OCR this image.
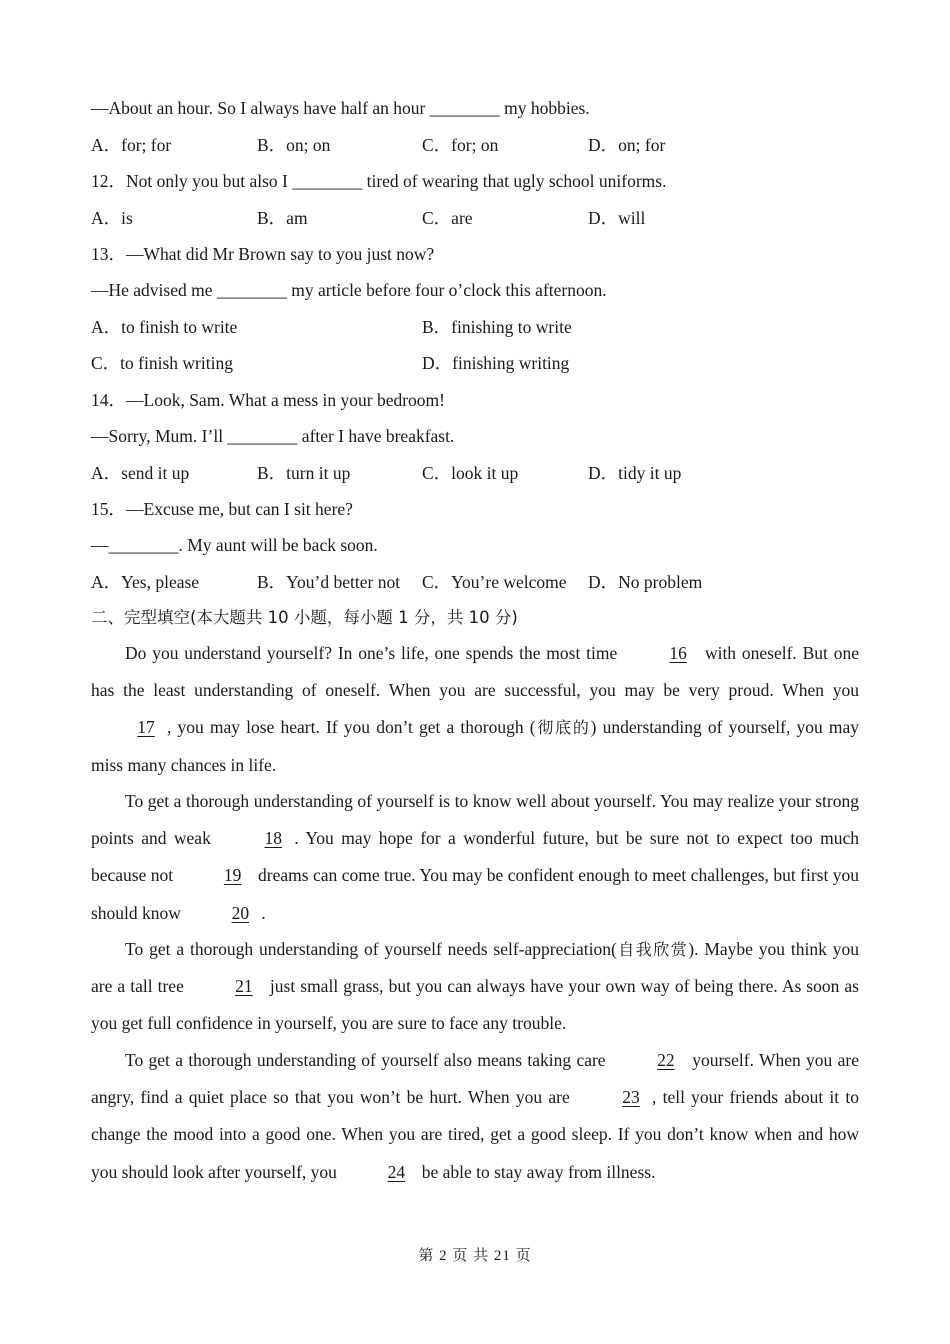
—About an hour. So I always have half an hour ________ my hobbies.
A．for; for	B．on; on	C．for; on	D．on; for
12．Not only you but also I ________ tired of wearing that ugly school uniforms.
A．is	B．am	C．are	D．will
13．—What did Mr Brown say to you just now?
—He advised me ________ my article before four o’clock this afternoon.
A．to finish to write	B．finishing to write
C．to finish writing	D．finishing writing
14．—Look, Sam. What a mess in your bedroom!
—Sorry, Mum. I’ll ________ after I have breakfast.
A．send it up	B．turn it up	C．look it up	D．tidy it up
15．—Excuse me, but can I sit here?
—________. My aunt will be back soon.
A．Yes, please	B．You’d better not C．You’re welcome D．No problem
二、完型填空(本大题共 10 小题，每小题 1 分，共 10 分)
Do you understand yourself? In one’s life, one spends the most time	16 with oneself. But one has the least understanding of oneself. When you are successful, you may be very proud. When you 17 , you may lose heart. If you don’t get a thorough (彻底的) understanding of yourself, you may miss many chances in life.
To get a thorough understanding of yourself is to know well about yourself. You may realize your strong points and weak	18 . You may hope for a wonderful future, but be sure not to expect too much because not	19 dreams can come true. You may be confident enough to meet challenges, but first you should know	20 .
To get a thorough understanding of yourself needs self-appreciation(自我欣赏). Maybe you think you are a tall tree	21 just small grass, but you can always have your own way of being there. As soon as you get full confidence in yourself, you are sure to face any trouble.
To get a thorough understanding of yourself also means taking care	22 yourself. When you are angry, find a quiet place so that you won’t be hurt. When you are	23 , tell your friends about it to change the mood into a good one. When you are tired, get a good sleep. If you don’t know when and how you should look after yourself, you	24 be able to stay away from illness.
第 2 页 共 21 页
